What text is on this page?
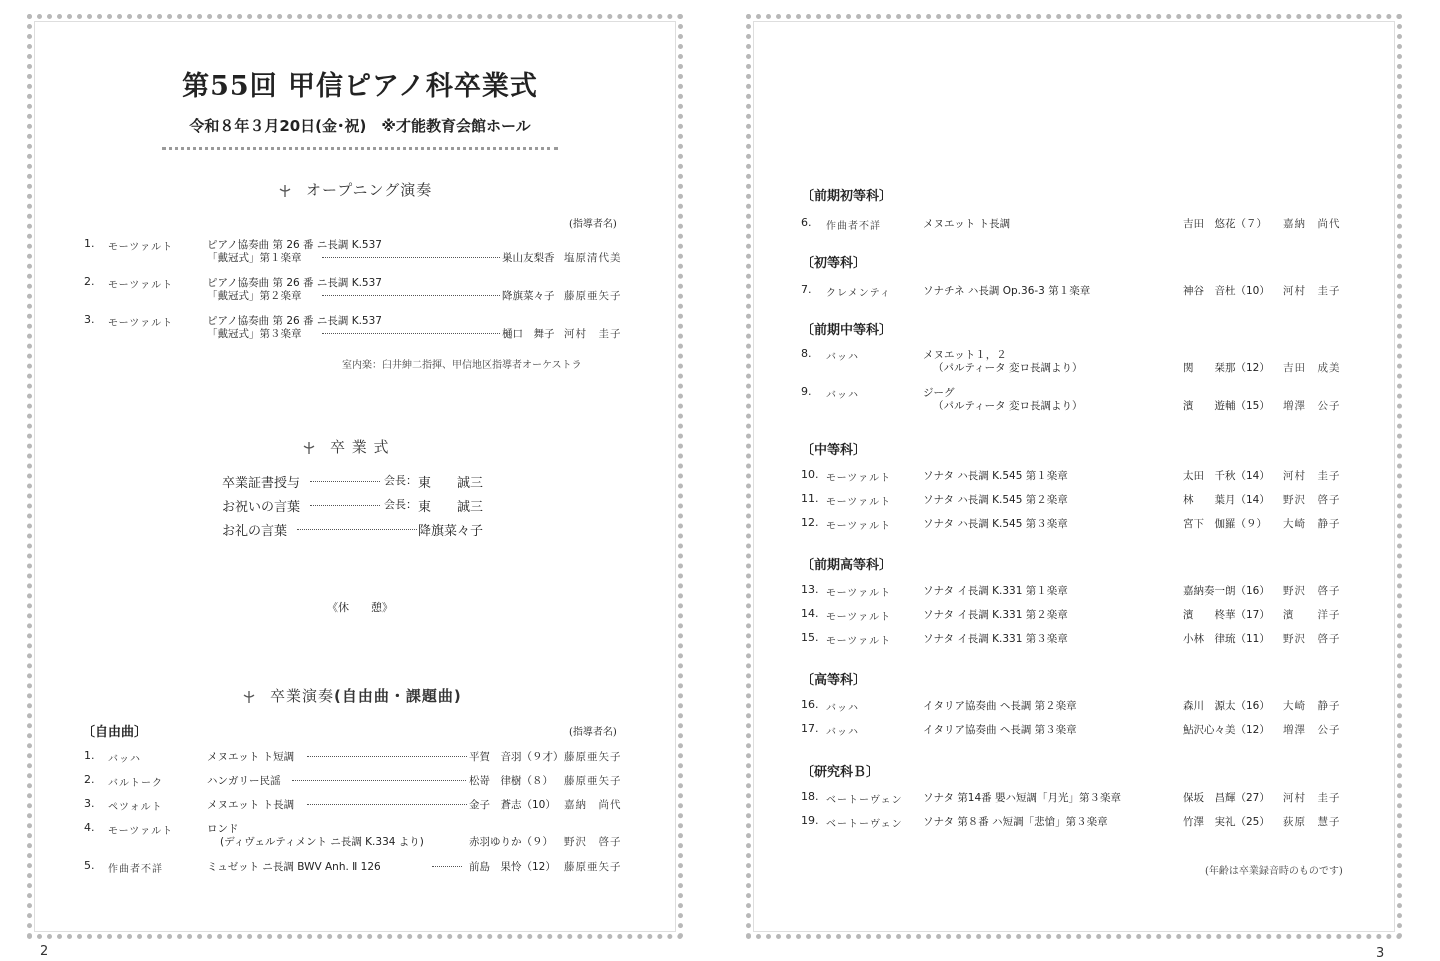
第55回 甲信ピアノ科卒業式
令和８年３月20日(金･祝)　※才能教育会館ホール
オープニング演奏
(指導者名)
1. モーツァルト	ピアノ協奏曲 第 26 番 ニ長調 K.537
「戴冠式」第１楽章	巣山友梨香 塩原清代美
2. モーツァルト	ピアノ協奏曲 第 26 番 ニ長調 K.537
「戴冠式」第２楽章	降旗菜々子 藤原亜矢子
3. モーツァルト	ピアノ協奏曲 第 26 番 ニ長調 K.537
「戴冠式」第３楽章	樋口　舞子 河村　圭子
室内楽：臼井紳二指揮、甲信地区指導者オーケストラ
卒 業 式
卒業証書授与	会長： 東　　誠三
お祝いの言葉	会長： 東　　誠三
お礼の言葉	降旗菜々子
《休　　憩》
卒業演奏(自由曲・課題曲)
〔自由曲〕	(指導者名)
1. バッハ	メヌエット ト短調	平賀　音羽（９才） 藤原亜矢子
2. バルトーク	ハンガリー民謡	松嵜　律樹（８） 藤原亜矢子
3. ペツォルト	メヌエット ト長調	金子　蒼志（10） 嘉納　尚代
4. モーツァルト	ロンド
(ディヴェルティメント ニ長調 K.334 より)	赤羽ゆりか（９） 野沢　啓子
5. 作曲者不詳	ミュゼット ニ長調 BWV Anh. Ⅱ 126	前島　果怜（12） 藤原亜矢子
2
〔前期初等科〕
6. 作曲者不詳	メヌエット ト長調	吉田　悠花（７） 嘉納　尚代
〔初等科〕
7. クレメンティ	ソナチネ ハ長調 Op.36-3 第１楽章	神谷　音杜（10） 河村　圭子
〔前期中等科〕
8. バッハ	メヌエット１，２
（パルティータ 変ロ長調より）	関　　栞那（12） 吉田　成美
9. バッハ	ジーグ
（パルティータ 変ロ長調より）	濱　　遊輔（15） 増澤　公子
〔中等科〕
10. モーツァルト	ソナタ ハ長調 K.545 第１楽章	太田　千秋（14） 河村　圭子
11. モーツァルト	ソナタ ハ長調 K.545 第２楽章	林　　葉月（14） 野沢　啓子
12. モーツァルト	ソナタ ハ長調 K.545 第３楽章	宮下　伽羅（９） 大崎　静子
〔前期高等科〕
13. モーツァルト	ソナタ イ長調 K.331 第１楽章	嘉納奏一朗（16） 野沢　啓子
14. モーツァルト	ソナタ イ長調 K.331 第２楽章	濱　　柊華（17） 濱　　洋子
15. モーツァルト	ソナタ イ長調 K.331 第３楽章	小林　律琉（11） 野沢　啓子
〔高等科〕
16. バッハ	イタリア協奏曲 ヘ長調 第２楽章	森川　源太（16） 大崎　静子
17. バッハ	イタリア協奏曲 ヘ長調 第３楽章	鮎沢心々美（12） 増澤　公子
〔研究科Ｂ〕
18. ベートーヴェン ソナタ 第14番 嬰ハ短調「月光」第３楽章	保坂　昌輝（27） 河村　圭子
19. ベートーヴェン ソナタ 第８番 ハ短調「悲愴」第３楽章	竹澤　実礼（25） 荻原　慧子
(年齢は卒業録音時のものです)
3
